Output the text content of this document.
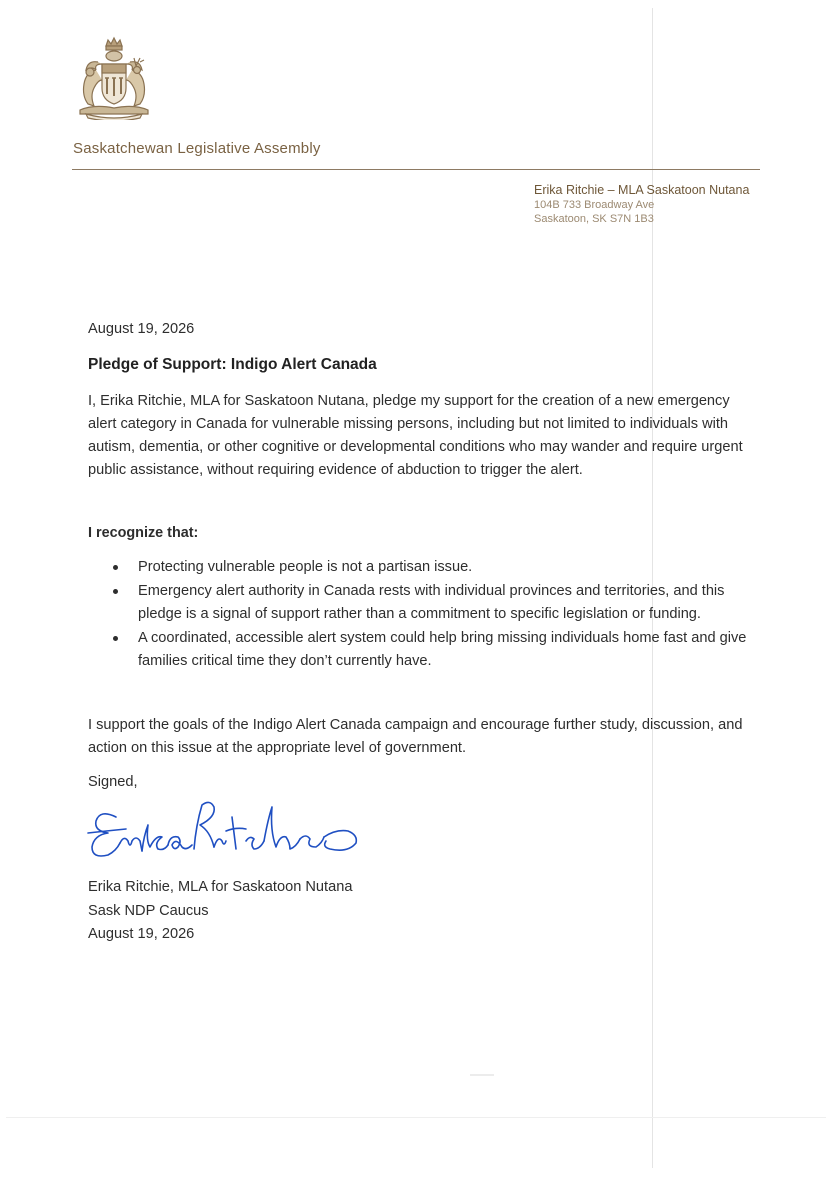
Saskatchewan Legislative Assembly
Erika Ritchie – MLA Saskatoon Nutana
104B 733 Broadway Ave
Saskatoon, SK S7N 1B3
August 19, 2026
Pledge of Support: Indigo Alert Canada
I, Erika Ritchie, MLA for Saskatoon Nutana, pledge my support for the creation of a new emergency alert category in Canada for vulnerable missing persons, including but not limited to individuals with autism, dementia, or other cognitive or developmental conditions who may wander and require urgent public assistance, without requiring evidence of abduction to trigger the alert.
I recognize that:
Protecting vulnerable people is not a partisan issue.
Emergency alert authority in Canada rests with individual provinces and territories, and this pledge is a signal of support rather than a commitment to specific legislation or funding.
A coordinated, accessible alert system could help bring missing individuals home fast and give families critical time they don’t currently have.
I support the goals of the Indigo Alert Canada campaign and encourage further study, discussion, and action on this issue at the appropriate level of government.
Signed,
Erika Ritchie, MLA for Saskatoon Nutana
Sask NDP Caucus
August 19, 2026
